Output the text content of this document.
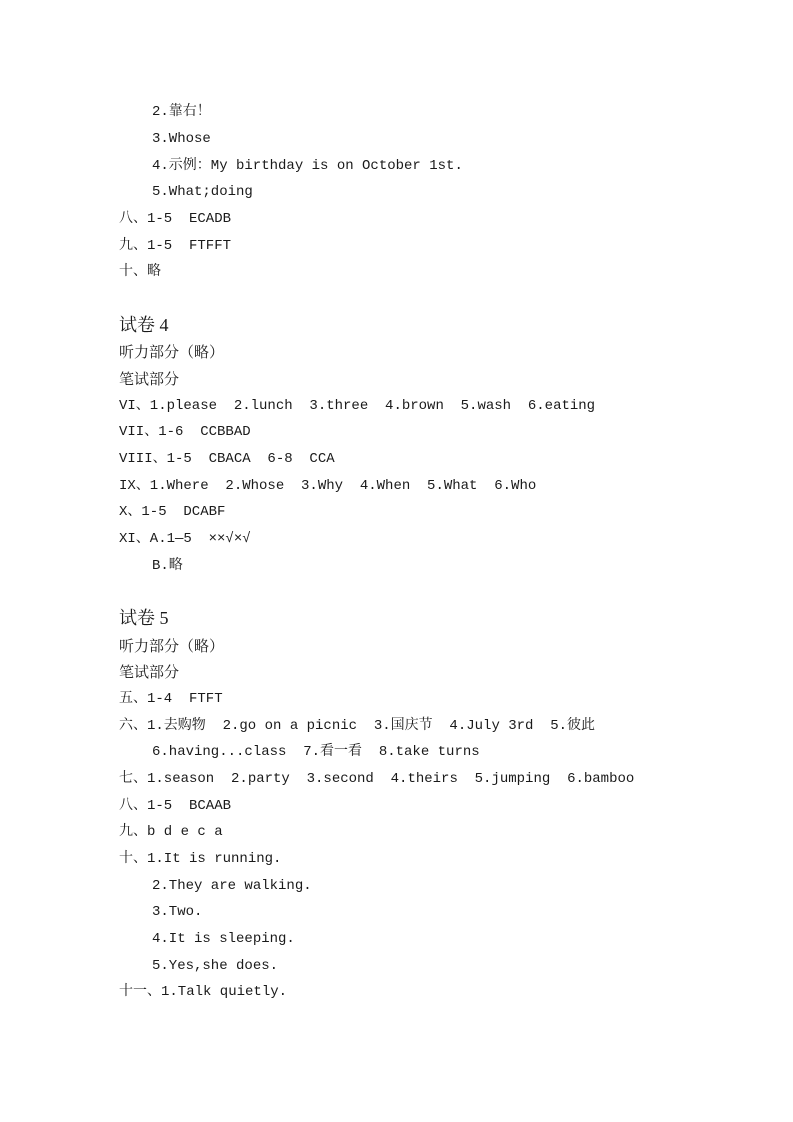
2.靠右！
3.Whose
4.示例：My birthday is on October 1st.
5.What;doing
八、1-5  ECADB
九、1-5  FTFFT
十、略
试卷 4
听力部分（略）
笔试部分
VI、1.please  2.lunch  3.three  4.brown  5.wash  6.eating
VII、1-6  CCBBAD
VIII、1-5  CBACA  6-8  CCA
IX、1.Where  2.Whose  3.Why  4.When  5.What  6.Who
X、1-5  DCABF
XI、A.1—5  ××√×√
B.略
试卷 5
听力部分（略）
笔试部分
五、1-4  FTFT
六、1.去购物  2.go on a picnic  3.国庆节  4.July 3rd  5.彼此
6.having...class  7.看一看  8.take turns
七、1.season  2.party  3.second  4.theirs  5.jumping  6.bamboo
八、1-5  BCAAB
九、b d e c a
十、1.It is running.
2.They are walking.
3.Two.
4.It is sleeping.
5.Yes,she does.
十一、1.Talk quietly.
